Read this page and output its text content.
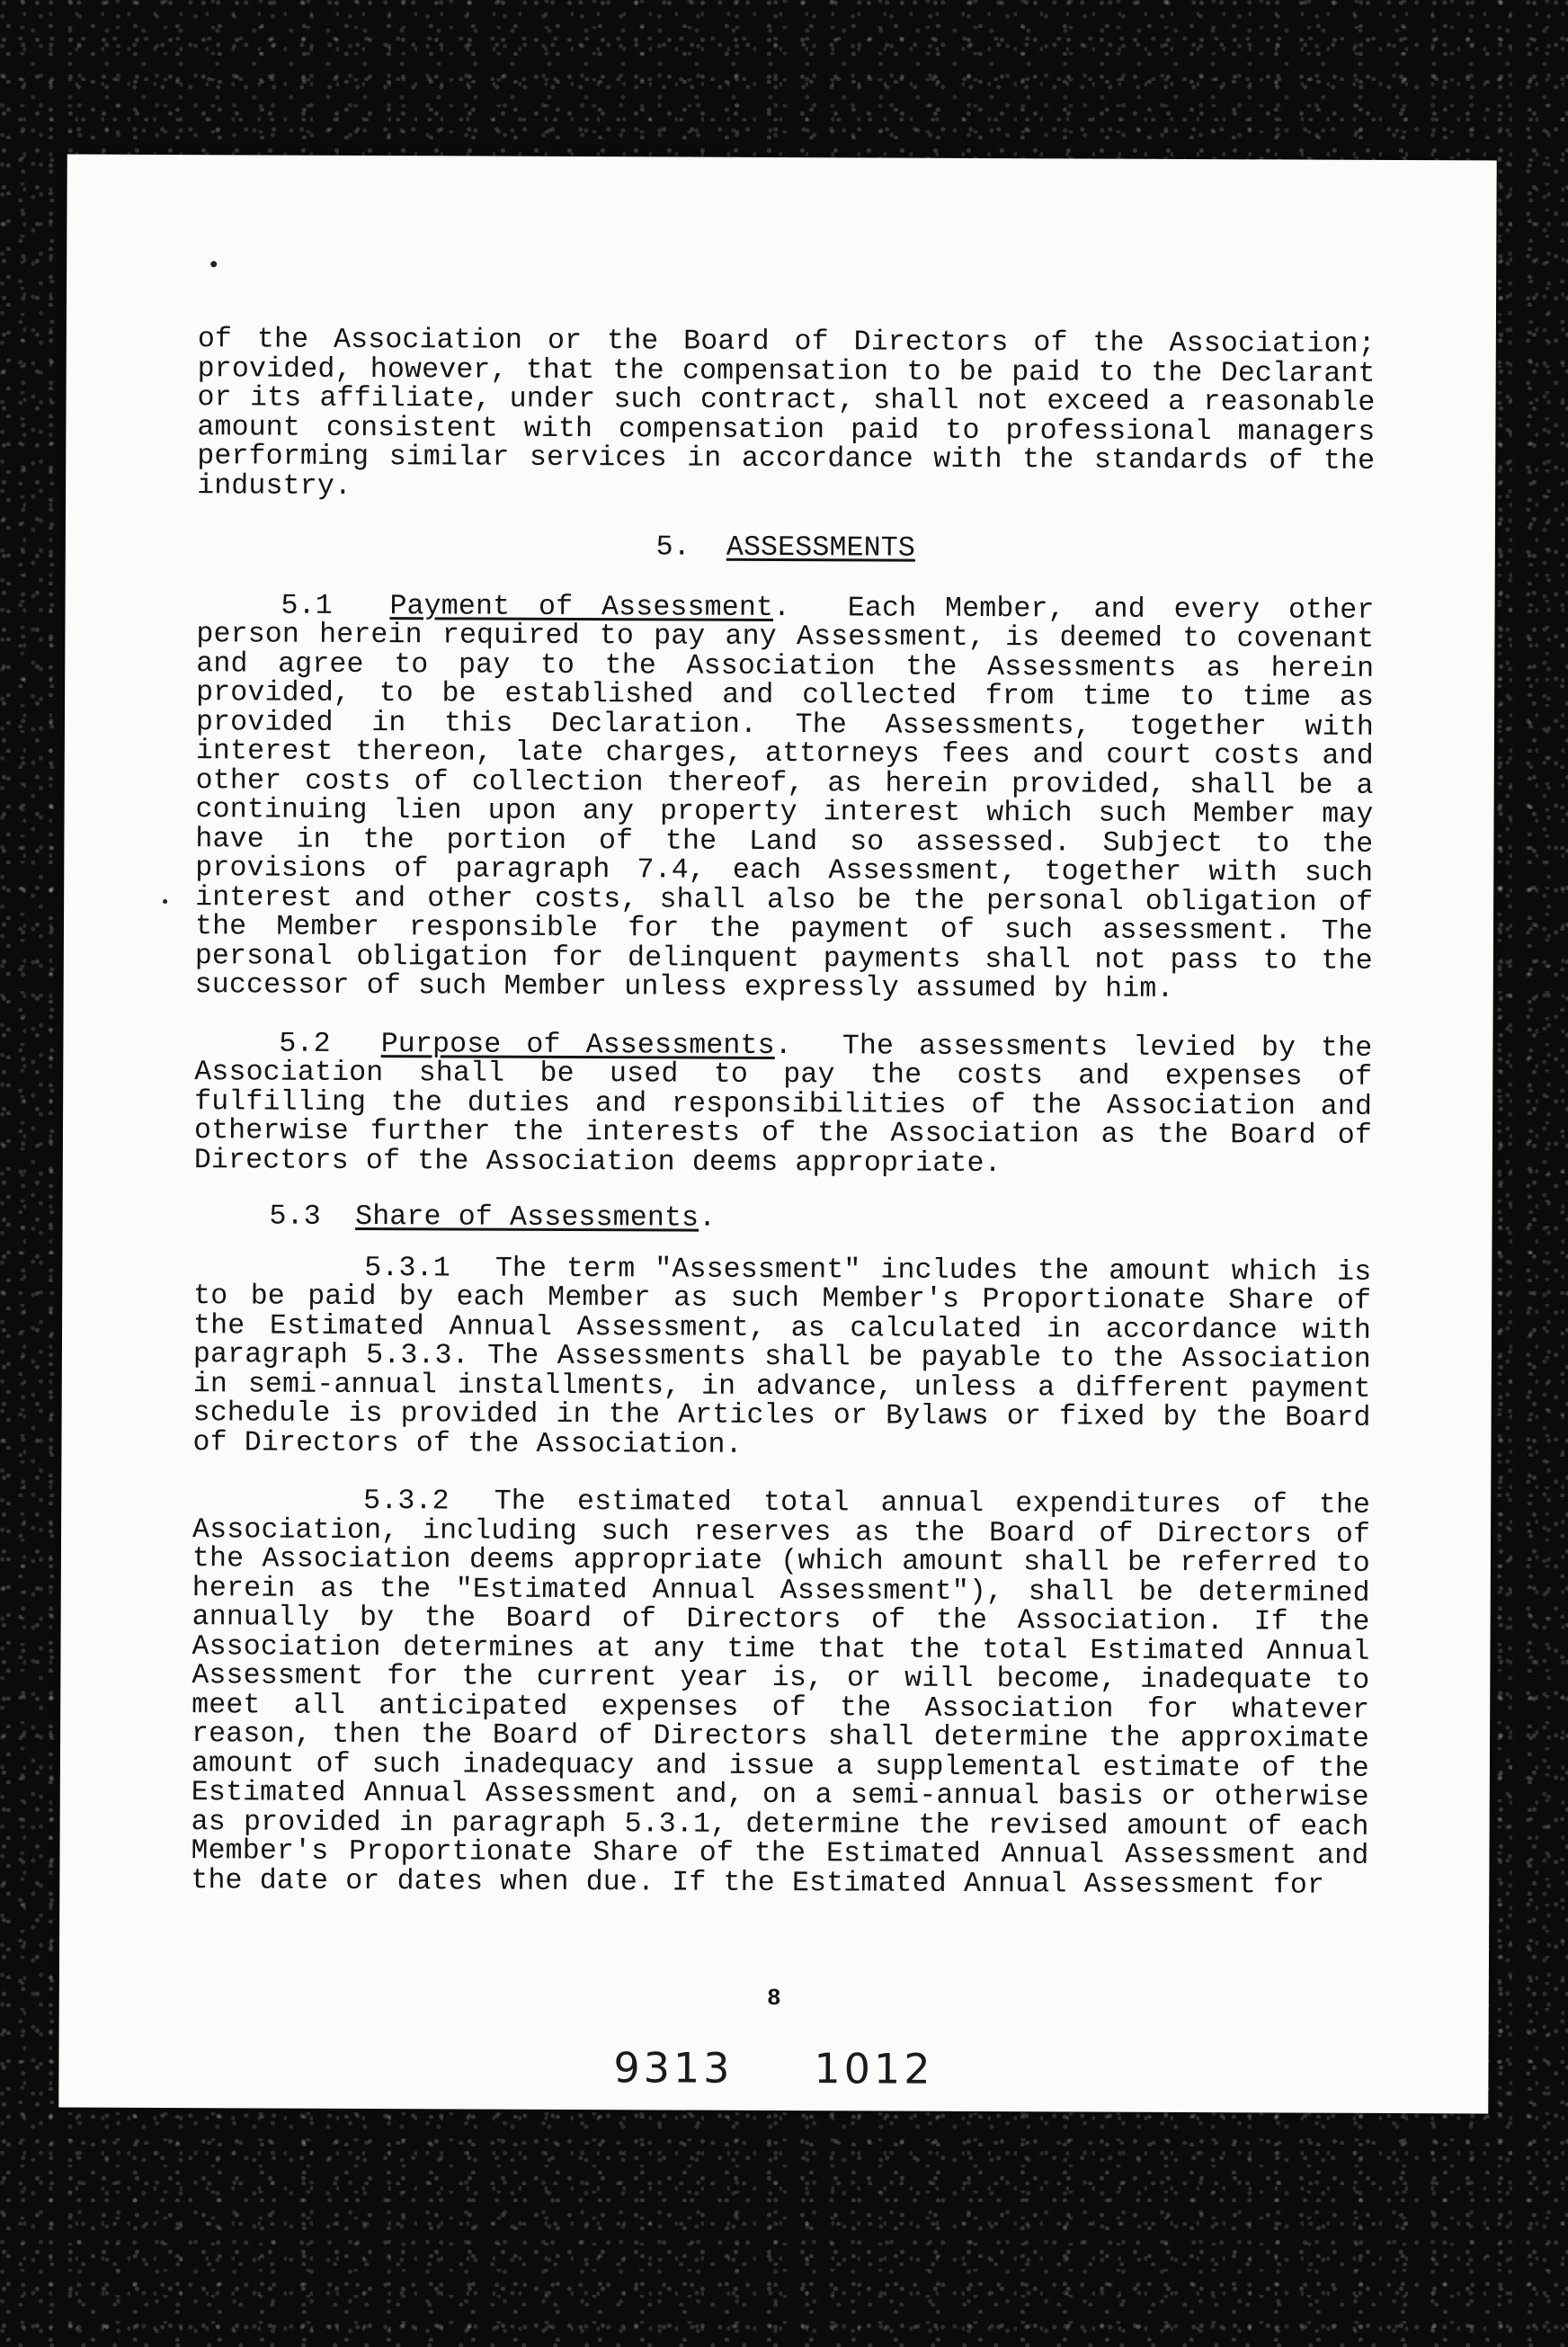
of the Association or the Board of Directors of the Association; provided, however, that the compensation to be paid to the Declarant or its affiliate, under such contract, shall not exceed a reasonable amount consistent with compensation paid to professional managers performing similar services in accordance with the standards of the industry.

5. ASSESSMENTS

5.1 Payment of Assessment.  Each Member, and every other person herein required to pay any Assessment, is deemed to covenant and agree to pay to the Association the Assessments as herein provided, to be established and collected from time to time as provided in this Declaration. The Assessments, together with interest thereon, late charges, attorneys fees and court costs and other costs of collection thereof, as herein provided, shall be a continuing lien upon any property interest which such Member may have in the portion of the Land so assessed. Subject to the provisions of paragraph 7.4, each Assessment, together with such interest and other costs, shall also be the personal obligation of the Member responsible for the payment of such assessment. The personal obligation for delinquent payments shall not pass to the successor of such Member unless expressly assumed by him.

5.2 Purpose of Assessments.  The assessments levied by the Association shall be used to pay the costs and expenses of fulfilling the duties and responsibilities of the Association and otherwise further the interests of the Association as the Board of Directors of the Association deems appropriate.

5.3 Share of Assessments.

5.3.1 The term "Assessment" includes the amount which is to be paid by each Member as such Member's Proportionate Share of the Estimated Annual Assessment, as calculated in accordance with paragraph 5.3.3. The Assessments shall be payable to the Association in semi-annual installments, in advance, unless a different payment schedule is provided in the Articles or Bylaws or fixed by the Board of Directors of the Association.

5.3.2 The estimated total annual expenditures of the Association, including such reserves as the Board of Directors of the Association deems appropriate (which amount shall be referred to herein as the "Estimated Annual Assessment"), shall be determined annually by the Board of Directors of the Association. If the Association determines at any time that the total Estimated Annual Assessment for the current year is, or will become, inadequate to meet all anticipated expenses of the Association for whatever reason, then the Board of Directors shall determine the approximate amount of such inadequacy and issue a supplemental estimate of the Estimated Annual Assessment and, on a semi-annual basis or otherwise as provided in paragraph 5.3.1, determine the revised amount of each Member's Proportionate Share of the Estimated Annual Assessment and the date or dates when due. If the Estimated Annual Assessment for

8
9313 1012
